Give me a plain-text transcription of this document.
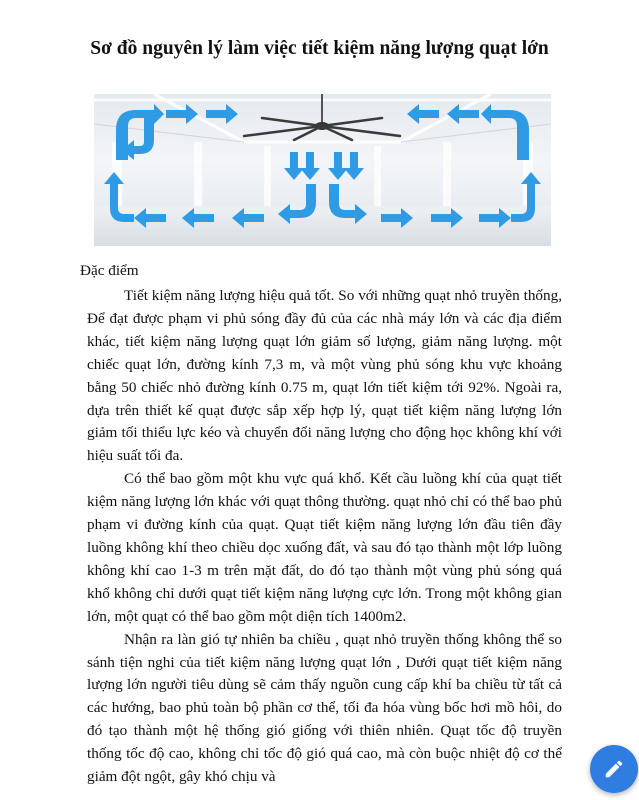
Sơ đồ nguyên lý làm việc tiết kiệm năng lượng quạt lớn
Đặc điểm

Tiết kiệm năng lượng hiệu quả tốt. So với những quạt nhỏ truyền thống, Để đạt được phạm vi phủ sóng đầy đủ của các nhà máy lớn và các địa điểm khác, tiết kiệm năng lượng quạt lớn giảm số lượng, giảm năng lượng. một chiếc quạt lớn, đường kính 7,3 m, và một vùng phủ sóng khu vực khoảng bằng 50 chiếc nhỏ đường kính 0.75 m, quạt lớn tiết kiệm tới 92%. Ngoài ra, dựa trên thiết kế quạt được sắp xếp hợp lý, quạt tiết kiệm năng lượng lớn giảm tối thiểu lực kéo và chuyển đổi năng lượng cho động học không khí với hiệu suất tối đa.

Có thể bao gồm một khu vực quá khổ. Kết cầu luồng khí của quạt tiết kiệm năng lượng lớn khác với quạt thông thường. quạt nhỏ chỉ có thể bao phủ phạm vi đường kính của quạt. Quạt tiết kiệm năng lượng lớn đầu tiên đầy luồng không khí theo chiều dọc xuống đất, và sau đó tạo thành một lớp luồng không khí cao 1-3 m trên mặt đất, do đó tạo thành một vùng phủ sóng quá khổ không chỉ dưới quạt tiết kiệm năng lượng cực lớn. Trong một không gian lớn, một quạt có thể bao gồm một diện tích 1400m2.

Nhận ra làn gió tự nhiên ba chiều , quạt nhỏ truyền thống không thể so sánh tiện nghi của tiết kiệm năng lượng quạt lớn , Dưới quạt tiết kiệm năng lượng lớn người tiêu dùng sẽ cảm thấy nguồn cung cấp khí ba chiều từ tất cả các hướng, bao phủ toàn bộ phần cơ thể, tối đa hóa vùng bốc hơi mồ hôi, do đó tạo thành một hệ thống gió giống với thiên nhiên. Quạt tốc độ truyền thống tốc độ cao, không chỉ tốc độ gió quá cao, mà còn buộc nhiệt độ cơ thể giảm đột ngột, gây khó chịu và
